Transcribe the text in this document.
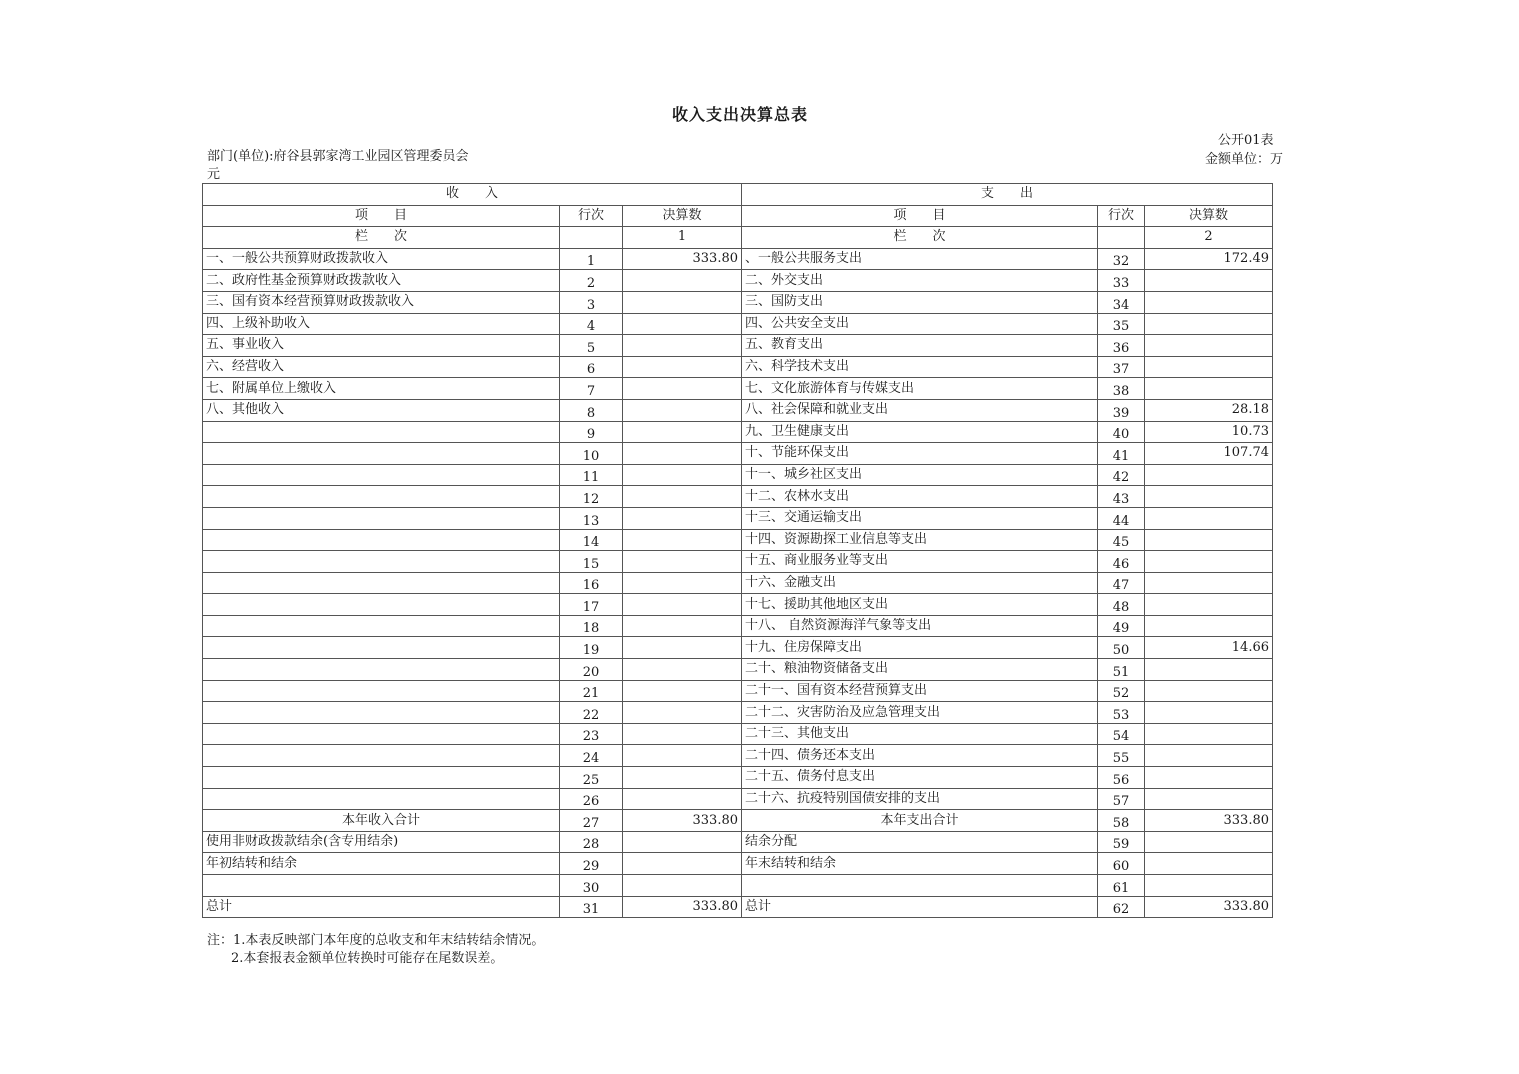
收入支出决算总表
公开01表
部门(单位):府谷县郭家湾工业园区管理委员会
元
金额单位：万
收　　入			支　　出		
项　　目	行次	决算数	项　　目	行次	决算数
栏　　次		1	栏　　次		2
一、一般公共预算财政拨款收入	1	333.80	、一般公共服务支出	32	172.49
二、政府性基金预算财政拨款收入	2		二、外交支出	33	
三、国有资本经营预算财政拨款收入	3		三、国防支出	34	
四、上级补助收入	4		四、公共安全支出	35	
五、事业收入	5		五、教育支出	36	
六、经营收入	6		六、科学技术支出	37	
七、附属单位上缴收入	7		七、文化旅游体育与传媒支出	38	
八、其他收入	8		八、社会保障和就业支出	39	28.18
	9		九、卫生健康支出	40	10.73
	10		十、节能环保支出	41	107.74
	11		十一、城乡社区支出	42	
	12		十二、农林水支出	43	
	13		十三、交通运输支出	44	
	14		十四、资源勘探工业信息等支出	45	
	15		十五、商业服务业等支出	46	
	16		十六、金融支出	47	
	17		十七、援助其他地区支出	48	
	18		十八、 自然资源海洋气象等支出	49	
	19		十九、住房保障支出	50	14.66
	20		二十、粮油物资储备支出	51	
	21		二十一、国有资本经营预算支出	52	
	22		二十二、灾害防治及应急管理支出	53	
	23		二十三、其他支出	54	
	24		二十四、债务还本支出	55	
	25		二十五、债务付息支出	56	
	26		二十六、抗疫特别国债安排的支出	57	
本年收入合计	27	333.80	本年支出合计	58	333.80
使用非财政拨款结余(含专用结余)	28		结余分配	59	
年初结转和结余	29		年末结转和结余	60	
	30			61	
总计	31	333.80	总计	62	333.80
注：1.本表反映部门本年度的总收支和年末结转结余情况。
2.本套报表金额单位转换时可能存在尾数误差。
